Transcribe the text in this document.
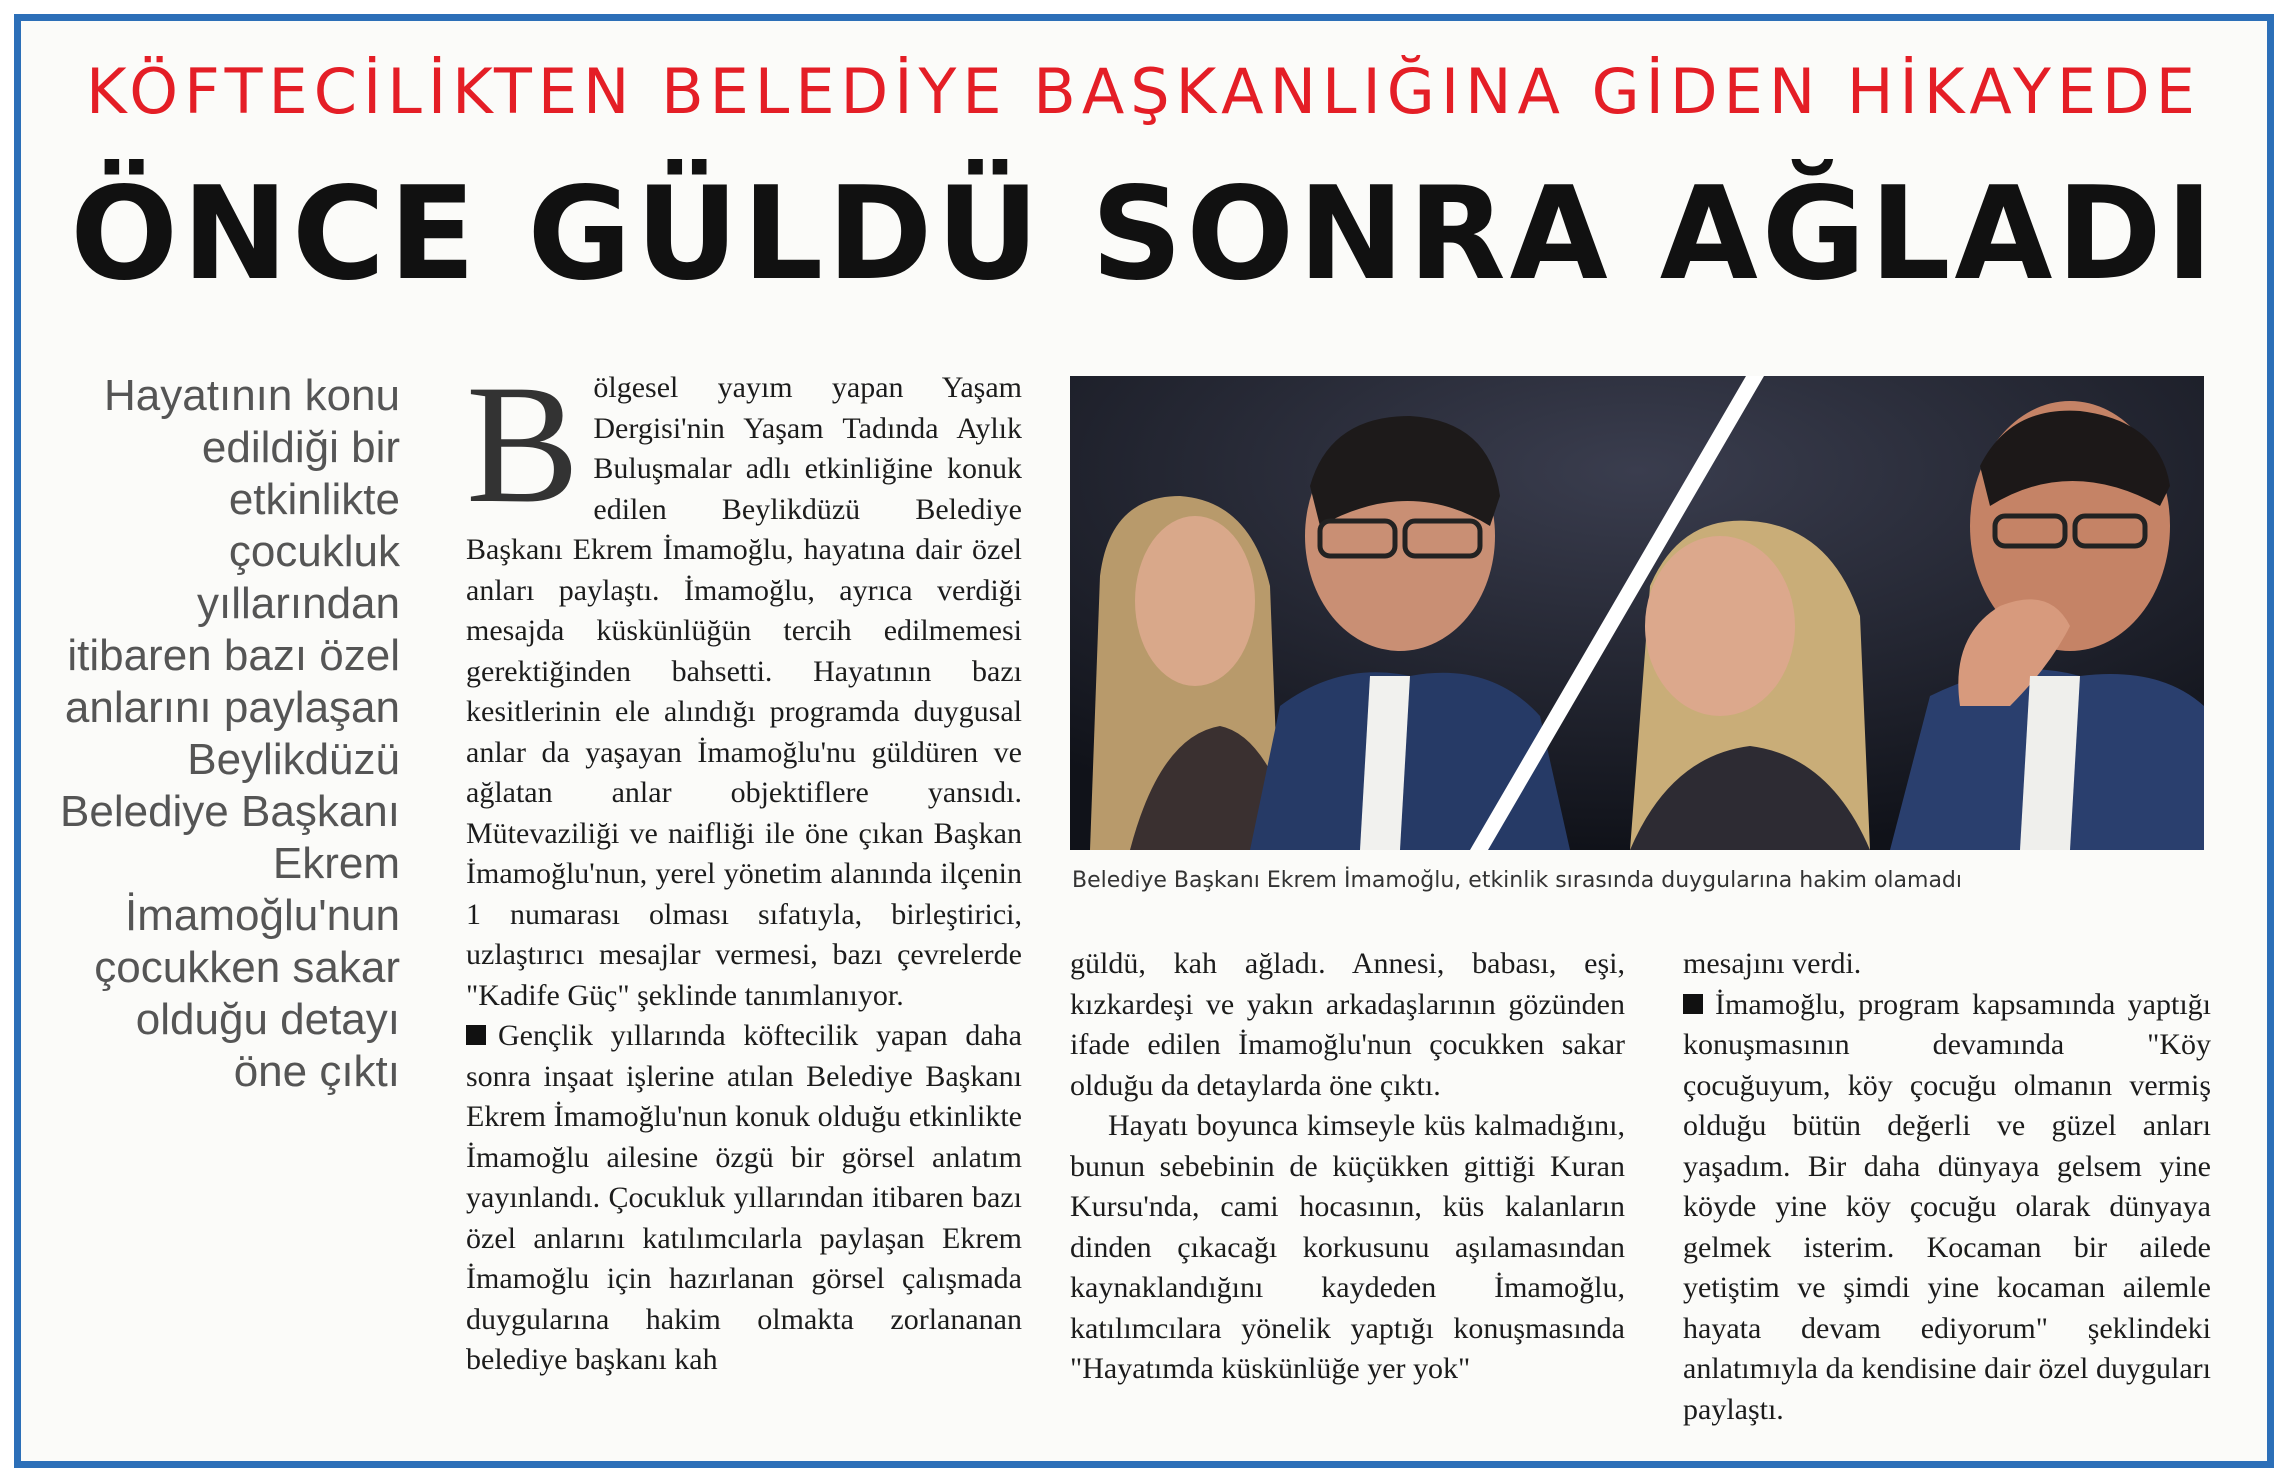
KÖFTECİLİKTEN BELEDİYE BAŞKANLIĞINA GİDEN HİKAYEDE
ÖNCE GÜLDÜ SONRA AĞLADI
Hayatının konu edildiği bir etkinlikte çocukluk yıllarından itibaren bazı özel anlarını paylaşan Beylikdüzü Belediye Başkanı Ekrem İmamoğlu'nun çocukken sakar olduğu detayı öne çıktı

Bölgesel yayım yapan Yaşam Dergisi'nin Yaşam Tadında Aylık Buluşmalar adlı etkinliğine konuk edilen Beylikdüzü Belediye Başkanı Ekrem İmamoğlu, hayatına dair özel anları paylaştı. İmamoğlu, ayrıca verdiği mesajda küskünlüğün tercih edilmemesi gerektiğinden bahsetti. Hayatının bazı kesitlerinin ele alındığı programda duygusal anlar da yaşayan İmamoğlu'nu güldüren ve ağlatan anlar objektiflere yansıdı. Mütevaziliği ve naifliği ile öne çıkan Başkan İmamoğlu'nun, yerel yönetim alanında ilçenin 1 numarası olması sıfatıyla, birleştirici, uzlaştırıcı mesajlar vermesi, bazı çevrelerde "Kadife Güç" şeklinde tanımlanıyor.

Gençlik yıllarında köftecilik yapan daha sonra inşaat işlerine atılan Belediye Başkanı Ekrem İmamoğlu'nun konuk olduğu etkinlikte İmamoğlu ailesine özgü bir görsel anlatım yayınlandı. Çocukluk yıllarından itibaren bazı özel anlarını katılımcılarla paylaşan Ekrem İmamoğlu için hazırlanan görsel çalışmada duygularına hakim olmakta zorlananan belediye başkanı kah

Belediye Başkanı Ekrem İmamoğlu, etkinlik sırasında duygularına hakim olamadı

güldü, kah ağladı. Annesi, babası, eşi, kızkardeşi ve yakın arkadaşlarının gözünden ifade edilen İmamoğlu'nun çocukken sakar olduğu da detaylarda öne çıktı.

Hayatı boyunca kimseyle küs kalmadığını, bunun sebebinin de küçükken gittiği Kuran Kursu'nda, cami hocasının, küs kalanların dinden çıkacağı korkusunu aşılamasından kaynaklandığını kaydeden İmamoğlu, katılımcılara yönelik yaptığı konuşmasında "Hayatımda küskünlüğe yer yok"

mesajını verdi.

İmamoğlu, program kapsamında yaptığı konuşmasının devamında "Köy çocuğuyum, köy çocuğu olmanın vermiş olduğu bütün değerli ve güzel anları yaşadım. Bir daha dünyaya gelsem yine köyde yine köy çocuğu olarak dünyaya gelmek isterim. Kocaman bir ailede yetiştim ve şimdi yine kocaman ailemle hayata devam ediyorum" şeklindeki anlatımıyla da kendisine dair özel duyguları paylaştı.
